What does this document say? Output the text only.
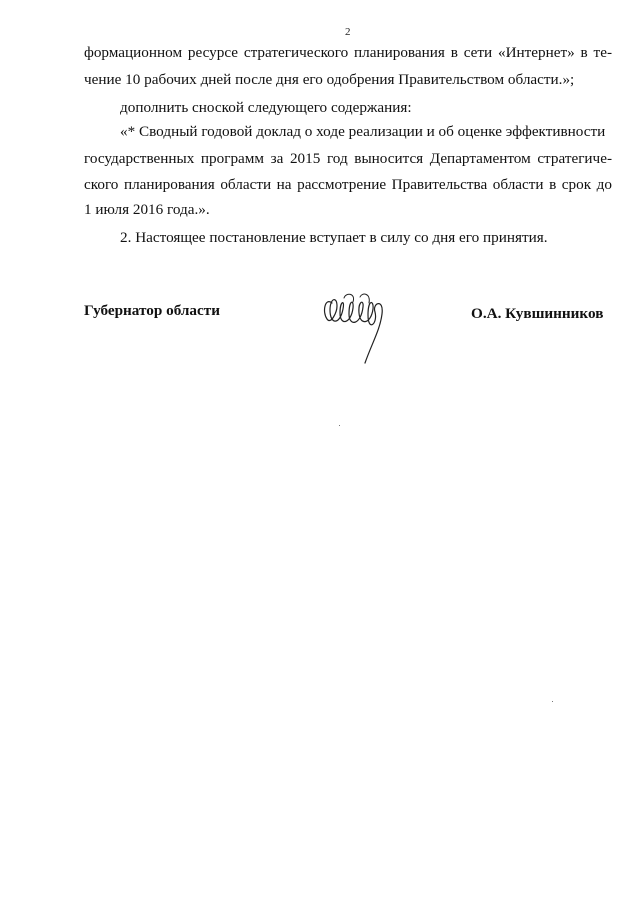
2
формационном ресурсе стратегического планирования в сети «Интернет» в те-
чение 10 рабочих дней после дня его одобрения Правительством области.»;
дополнить сноской следующего содержания:
«* Сводный годовой доклад о ходе реализации и об оценке эффективности
государственных программ за 2015 год выносится Департаментом стратегиче-
ского планирования области на рассмотрение Правительства области в срок до
1 июля 2016 года.».
2. Настоящее постановление вступает в силу со дня его принятия.
Губернатор области	О.А. Кувшинников
